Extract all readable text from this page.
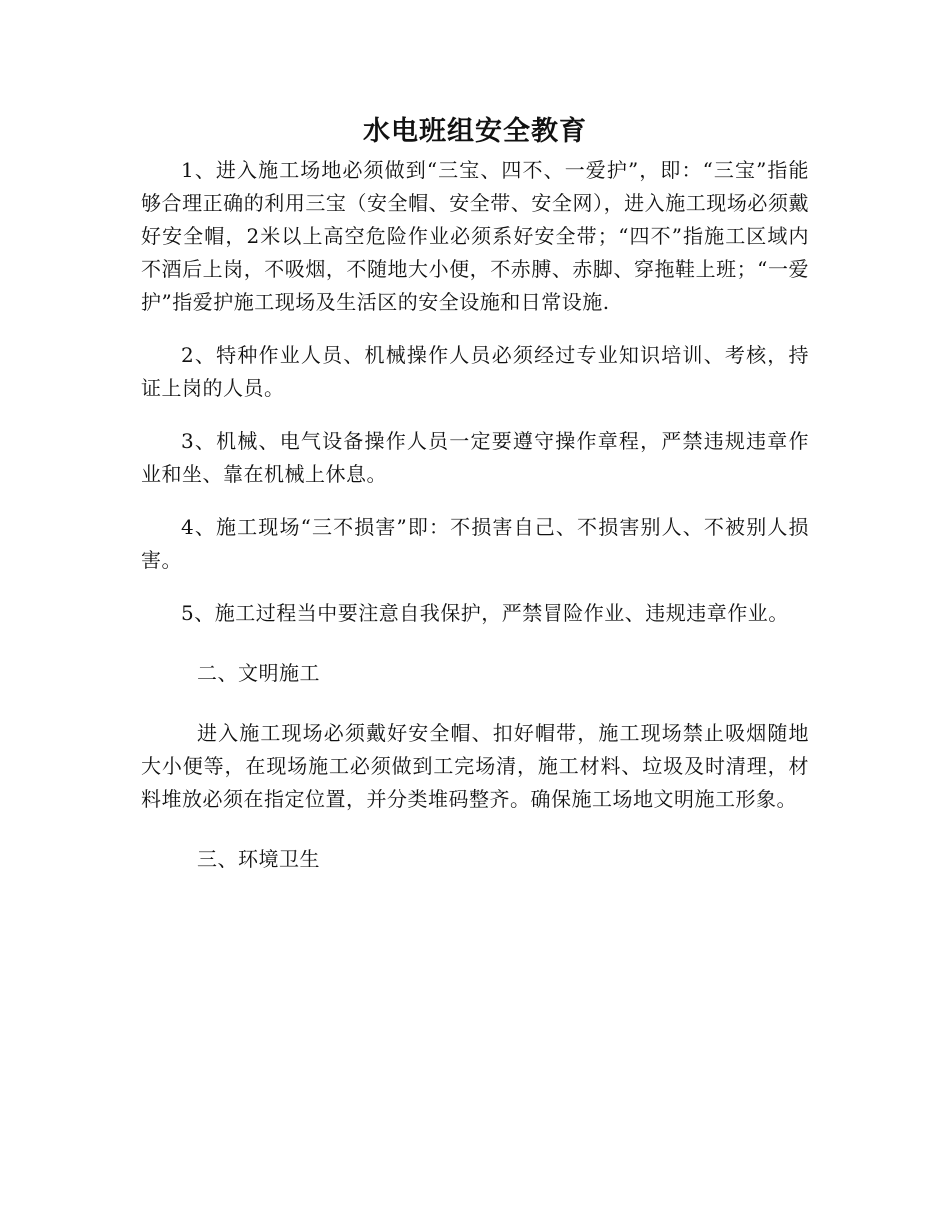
水电班组安全教育

1、进入施工场地必须做到“三宝、四不、一爱护”，即：“三宝”指能够合理正确的利用三宝（安全帽、安全带、安全网），进入施工现场必须戴好安全帽，2米以上高空危险作业必须系好安全带；“四不”指施工区域内不酒后上岗，不吸烟，不随地大小便，不赤膊、赤脚、穿拖鞋上班；“一爱护”指爱护施工现场及生活区的安全设施和日常设施.

2、特种作业人员、机械操作人员必须经过专业知识培训、考核，持证上岗的人员。

3、机械、电气设备操作人员一定要遵守操作章程，严禁违规违章作业和坐、靠在机械上休息。

4、施工现场“三不损害”即：不损害自己、不损害别人、不被别人损害。

5、施工过程当中要注意自我保护，严禁冒险作业、违规违章作业。

二、文明施工

进入施工现场必须戴好安全帽、扣好帽带，施工现场禁止吸烟随地大小便等，在现场施工必须做到工完场清，施工材料、垃圾及时清理，材料堆放必须在指定位置，并分类堆码整齐。确保施工场地文明施工形象。

三、环境卫生
